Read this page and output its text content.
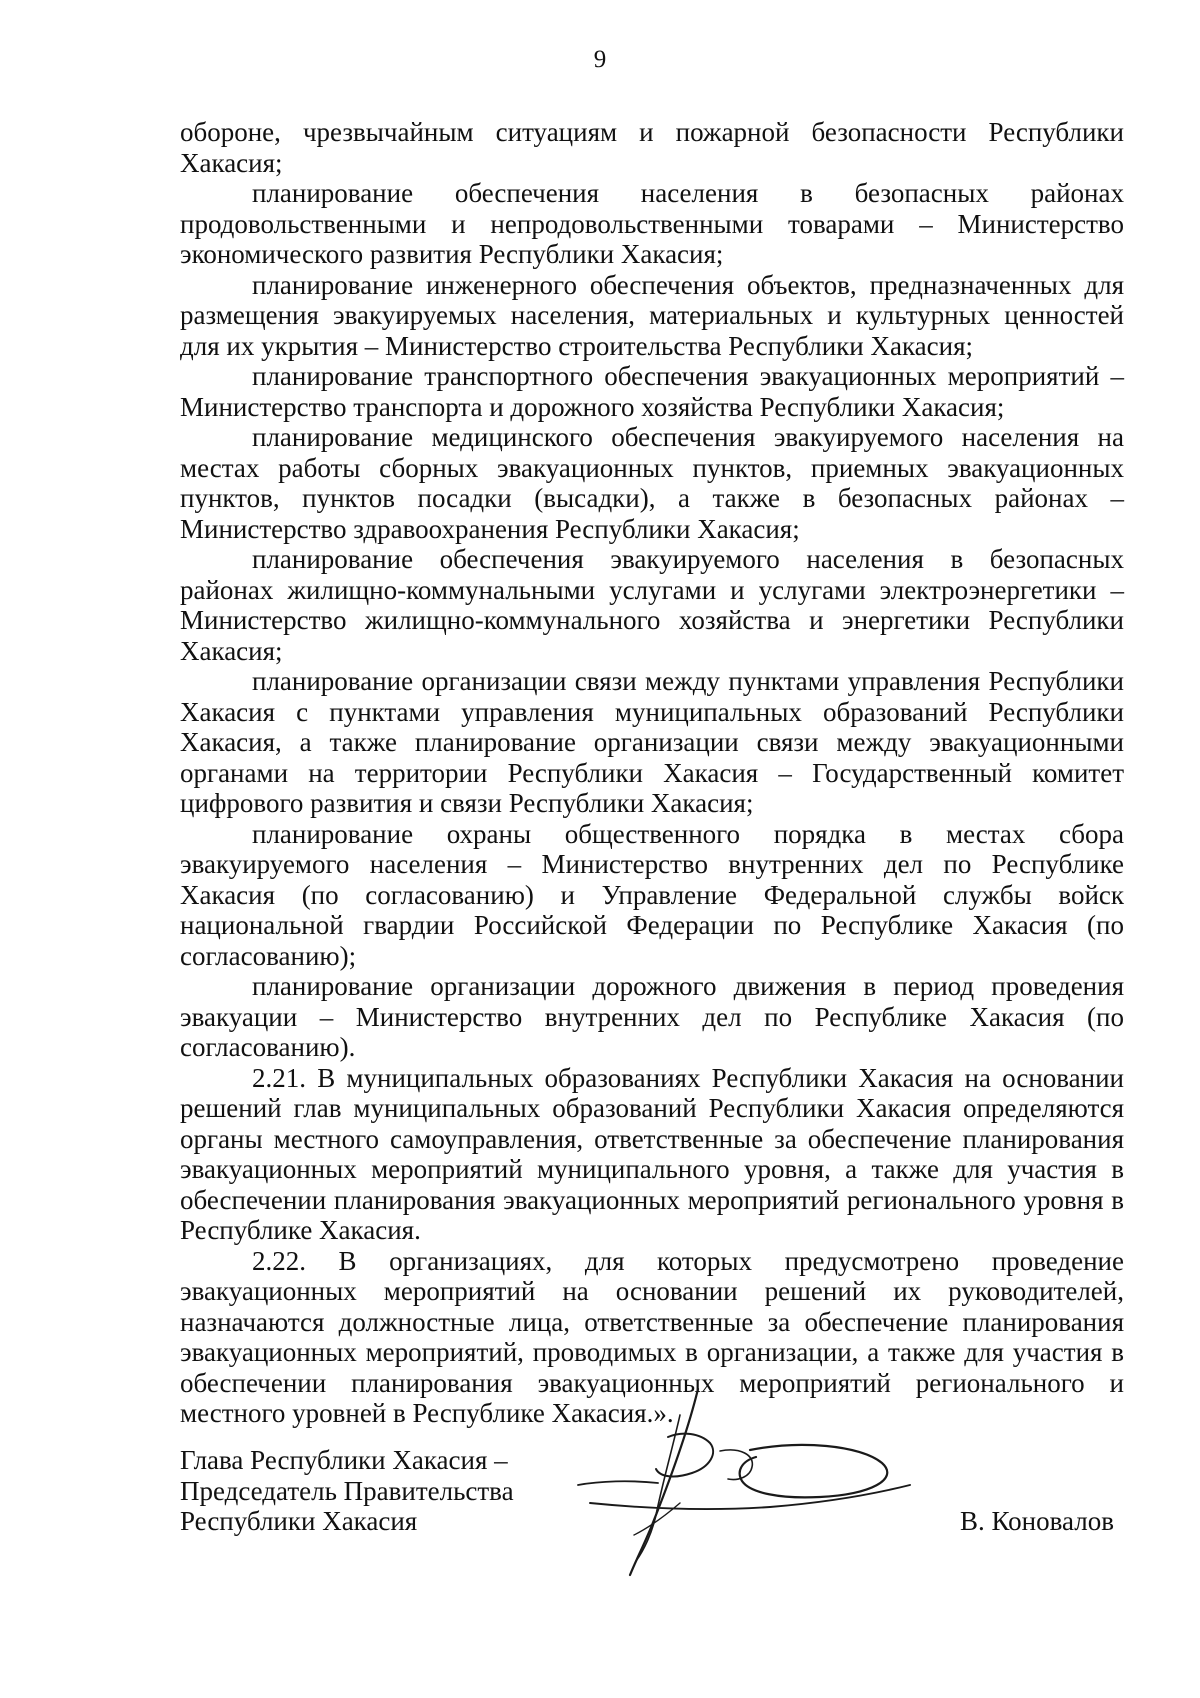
9

обороне, чрезвычайным ситуациям и пожарной безопасности Республики Хакасия;

планирование обеспечения населения в безопасных районах продовольственными и непродовольственными товарами – Министерство экономического развития Республики Хакасия;

планирование инженерного обеспечения объектов, предназначенных для размещения эвакуируемых населения, материальных и культурных ценностей для их укрытия – Министерство строительства Республики Хакасия;

планирование транспортного обеспечения эвакуационных мероприятий – Министерство транспорта и дорожного хозяйства Республики Хакасия;

планирование медицинского обеспечения эвакуируемого населения на местах работы сборных эвакуационных пунктов, приемных эвакуационных пунктов, пунктов посадки (высадки), а также в безопасных районах – Министерство здравоохранения Республики Хакасия;

планирование обеспечения эвакуируемого населения в безопасных районах жилищно-коммунальными услугами и услугами электроэнергетики – Министерство жилищно-коммунального хозяйства и энергетики Республики Хакасия;

планирование организации связи между пунктами управления Республики Хакасия с пунктами управления муниципальных образований Республики Хакасия, а также планирование организации связи между эвакуационными органами на территории Республики Хакасия – Государственный комитет цифрового развития и связи Республики Хакасия;

планирование охраны общественного порядка в местах сбора эвакуируемого населения – Министерство внутренних дел по Республике Хакасия (по согласованию) и Управление Федеральной службы войск национальной гвардии Российской Федерации по Республике Хакасия (по согласованию);

планирование организации дорожного движения в период проведения эвакуации – Министерство внутренних дел по Республике Хакасия (по согласованию).

2.21. В муниципальных образованиях Республики Хакасия на основании решений глав муниципальных образований Республики Хакасия определяются органы местного самоуправления, ответственные за обеспечение планирования эвакуационных мероприятий муниципального уровня, а также для участия в обеспечении планирования эвакуационных мероприятий регионального уровня в Республике Хакасия.

2.22. В организациях, для которых предусмотрено проведение эвакуационных мероприятий на основании решений их руководителей, назначаются должностные лица, ответственные за обеспечение планирования эвакуационных мероприятий, проводимых в организации, а также для участия в обеспечении планирования эвакуационных мероприятий регионального и местного уровней в Республике Хакасия.».

Глава Республики Хакасия –
Председатель Правительства
Республики Хакасия	В. Коновалов
